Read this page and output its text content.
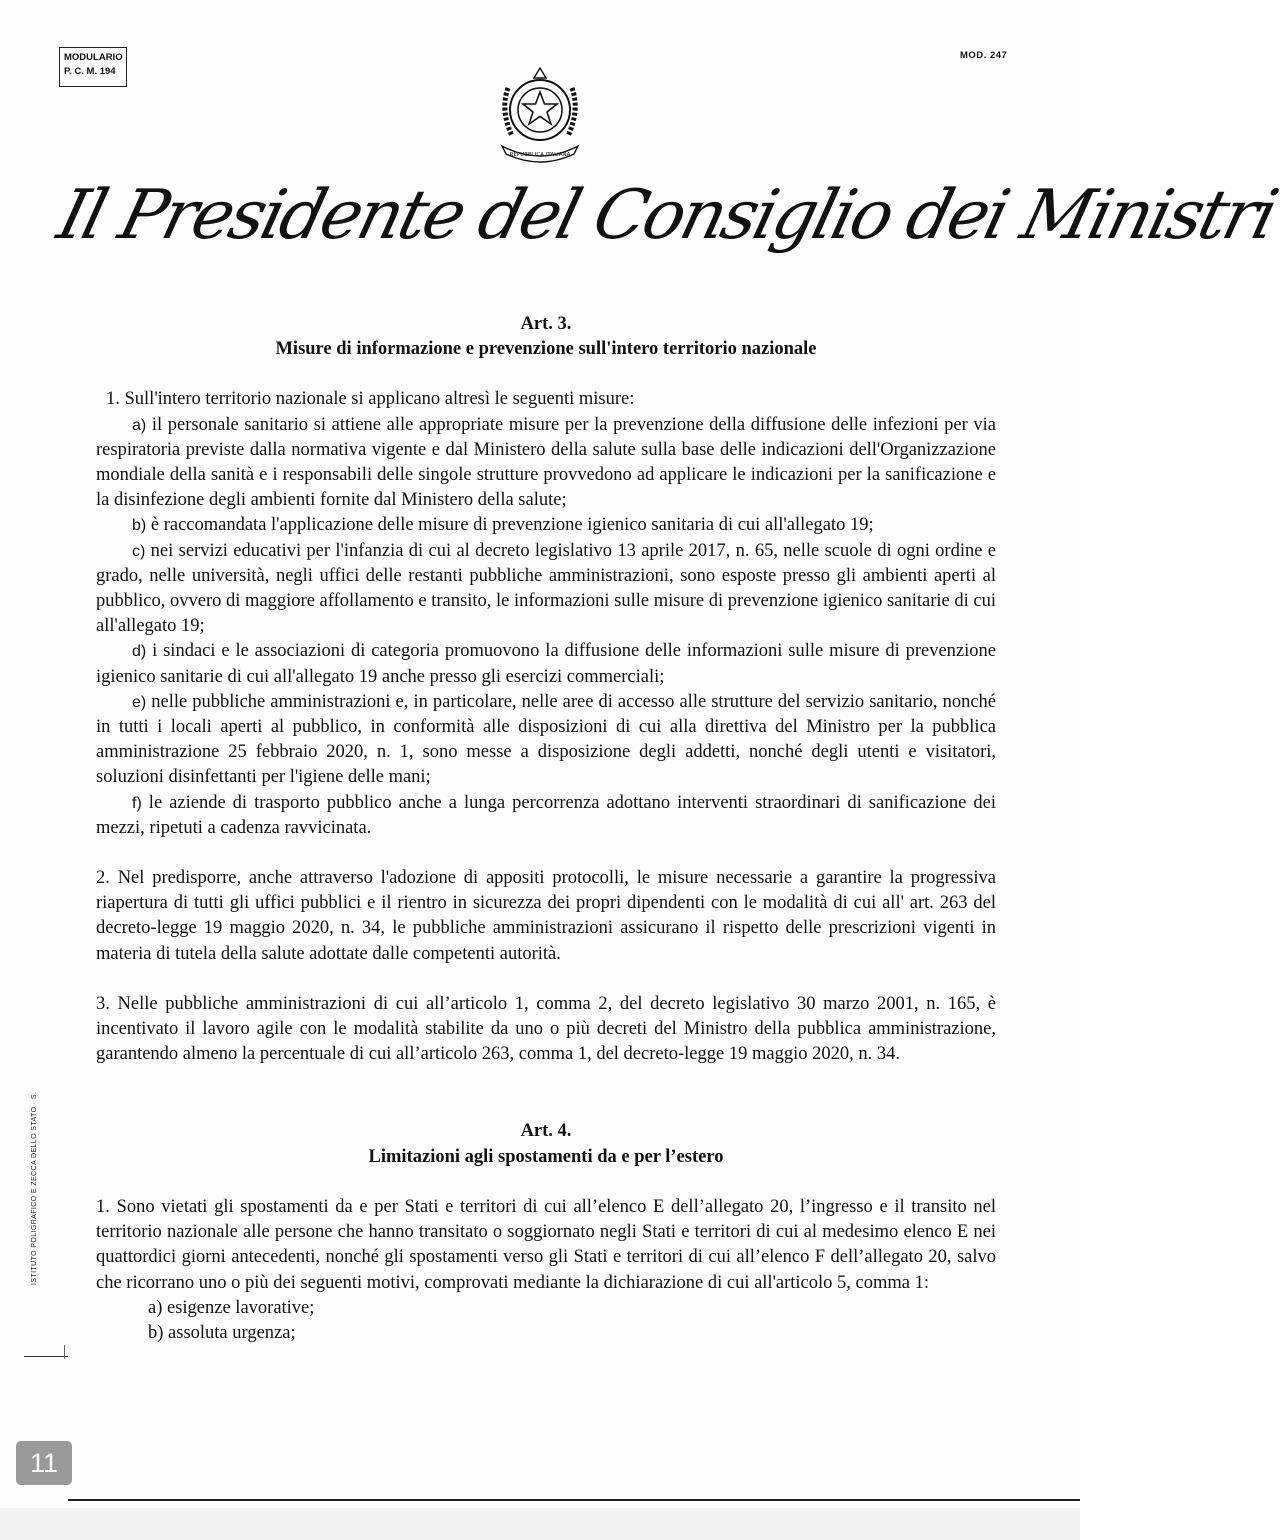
MODULARIO
P. C. M. 194
MOD. 247
REPUBBLICA ITALIANA
Il Presidente del Consiglio dei Ministri
Art. 3.
Misure di informazione e prevenzione sull'intero territorio nazionale

1. Sull'intero territorio nazionale si applicano altresì le seguenti misure:

a) il personale sanitario si attiene alle appropriate misure per la prevenzione della diffusione delle infezioni per via respiratoria previste dalla normativa vigente e dal Ministero della salute sulla base delle indicazioni dell'Organizzazione mondiale della sanità e i responsabili delle singole strutture provvedono ad applicare le indicazioni per la sanificazione e la disinfezione degli ambienti fornite dal Ministero della salute;

b) è raccomandata l'applicazione delle misure di prevenzione igienico sanitaria di cui all'allegato 19;

c) nei servizi educativi per l'infanzia di cui al decreto legislativo 13 aprile 2017, n. 65, nelle scuole di ogni ordine e grado, nelle università, negli uffici delle restanti pubbliche amministrazioni, sono esposte presso gli ambienti aperti al pubblico, ovvero di maggiore affollamento e transito, le informazioni sulle misure di prevenzione igienico sanitarie di cui all'allegato 19;

d) i sindaci e le associazioni di categoria promuovono la diffusione delle informazioni sulle misure di prevenzione igienico sanitarie di cui all'allegato 19 anche presso gli esercizi commerciali;

e) nelle pubbliche amministrazioni e, in particolare, nelle aree di accesso alle strutture del servizio sanitario, nonché in tutti i locali aperti al pubblico, in conformità alle disposizioni di cui alla direttiva del Ministro per la pubblica amministrazione 25 febbraio 2020, n. 1, sono messe a disposizione degli addetti, nonché degli utenti e visitatori, soluzioni disinfettanti per l'igiene delle mani;

f) le aziende di trasporto pubblico anche a lunga percorrenza adottano interventi straordinari di sanificazione dei mezzi, ripetuti a cadenza ravvicinata.

2. Nel predisporre, anche attraverso l'adozione di appositi protocolli, le misure necessarie a garantire la progressiva riapertura di tutti gli uffici pubblici e il rientro in sicurezza dei propri dipendenti con le modalità di cui all' art. 263 del decreto-legge 19 maggio 2020, n. 34, le pubbliche amministrazioni assicurano il rispetto delle prescrizioni vigenti in materia di tutela della salute adottate dalle competenti autorità.

3. Nelle pubbliche amministrazioni di cui all’articolo 1, comma 2, del decreto legislativo 30 marzo 2001, n. 165, è incentivato il lavoro agile con le modalità stabilite da uno o più decreti del Ministro della pubblica amministrazione, garantendo almeno la percentuale di cui all’articolo 263, comma 1, del decreto-legge 19 maggio 2020, n. 34.

Art. 4.
Limitazioni agli spostamenti da e per l’estero

1. Sono vietati gli spostamenti da e per Stati e territori di cui all’elenco E dell’allegato 20, l’ingresso e il transito nel territorio nazionale alle persone che hanno transitato o soggiornato negli Stati e territori di cui al medesimo elenco E nei quattordici giorni antecedenti, nonché gli spostamenti verso gli Stati e territori di cui all’elenco F dell’allegato 20, salvo che ricorrano uno o più dei seguenti motivi, comprovati mediante la dichiarazione di cui all'articolo 5, comma 1:

a) esigenze lavorative;

b) assoluta urgenza;

ISTITUTO POLIGRAFICO E ZECCA DELLO STATO · S.
11
